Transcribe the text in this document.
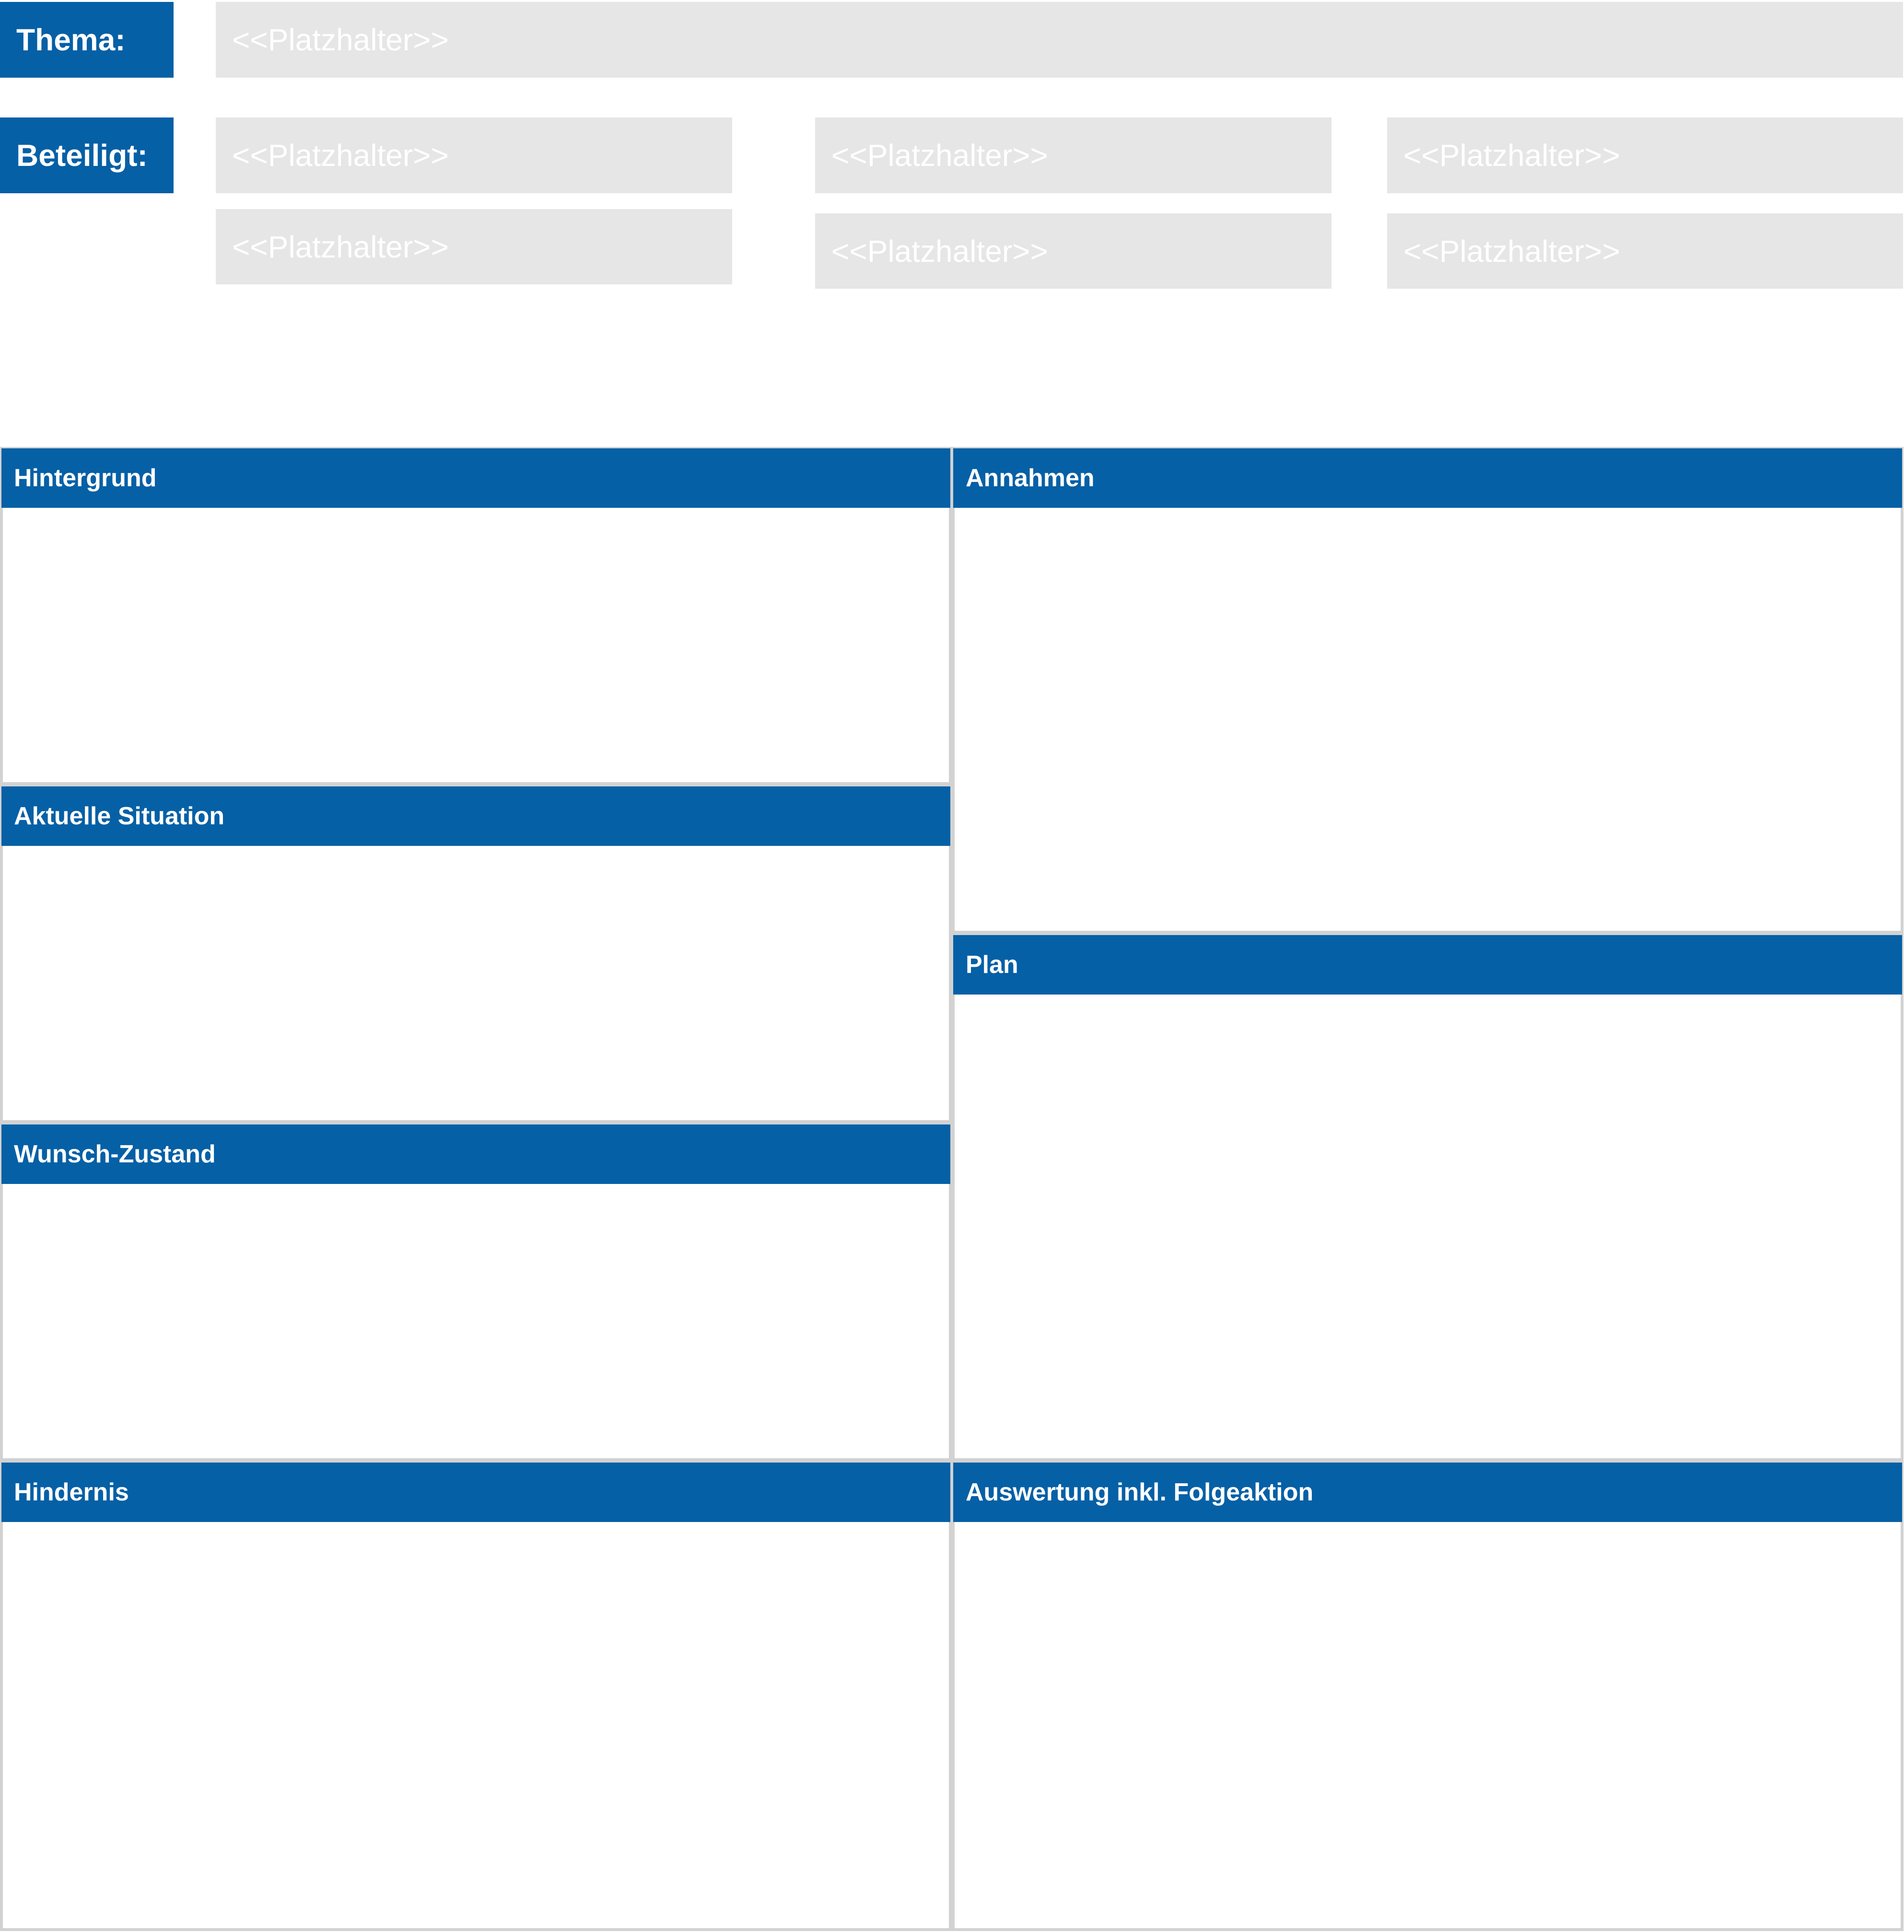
Thema:
<<Platzhalter>>
Beteiligt:
<<Platzhalter>>
<<Platzhalter>>
<<Platzhalter>>
<<Platzhalter>>
<<Platzhalter>>
<<Platzhalter>>
Hintergrund
Aktuelle Situation
Wunsch-Zustand
Hindernis
Annahmen
Plan
Auswertung inkl. Folgeaktion
